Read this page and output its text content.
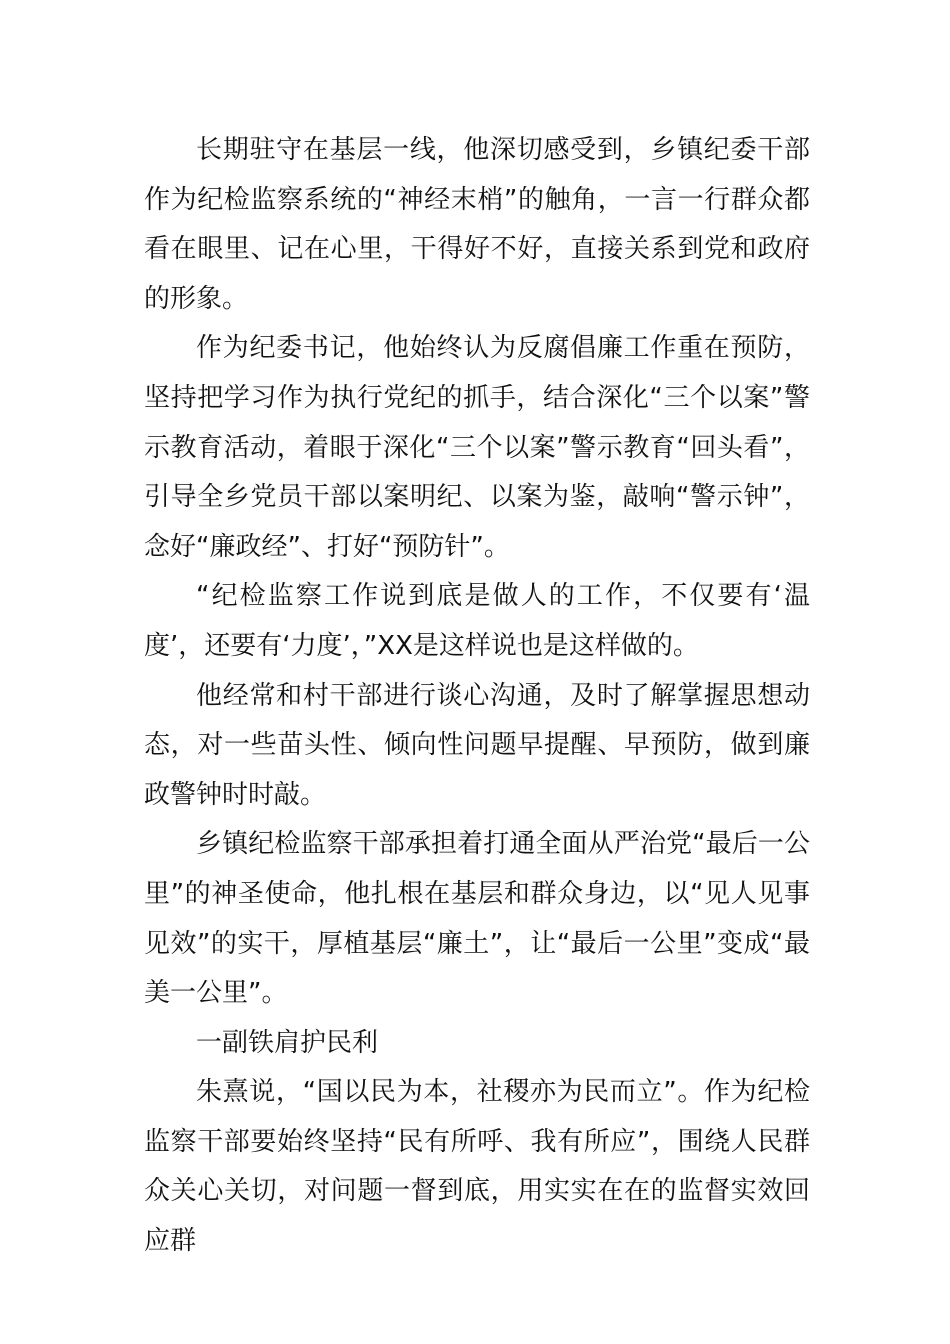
长期驻守在基层一线，他深切感受到，乡镇纪委干部作为纪检监察系统的“神经末梢”的触角，一言一行群众都看在眼里、记在心里，干得好不好，直接关系到党和政府的形象。

作为纪委书记，他始终认为反腐倡廉工作重在预防，坚持把学习作为执行党纪的抓手，结合深化“三个以案”警示教育活动，着眼于深化“三个以案”警示教育“回头看”，引导全乡党员干部以案明纪、以案为鉴，敲响“警示钟”，念好“廉政经”、打好“预防针”。

“纪检监察工作说到底是做人的工作，不仅要有‘温度’，还要有‘力度’，”XX是这样说也是这样做的。

他经常和村干部进行谈心沟通，及时了解掌握思想动态，对一些苗头性、倾向性问题早提醒、早预防，做到廉政警钟时时敲。

乡镇纪检监察干部承担着打通全面从严治党“最后一公里”的神圣使命，他扎根在基层和群众身边，以“见人见事见效”的实干，厚植基层“廉土”，让“最后一公里”变成“最美一公里”。

一副铁肩护民利

朱熹说，“国以民为本，社稷亦为民而立”。作为纪检监察干部要始终坚持“民有所呼、我有所应”，围绕人民群众关心关切，对问题一督到底，用实实在在的监督实效回应群
